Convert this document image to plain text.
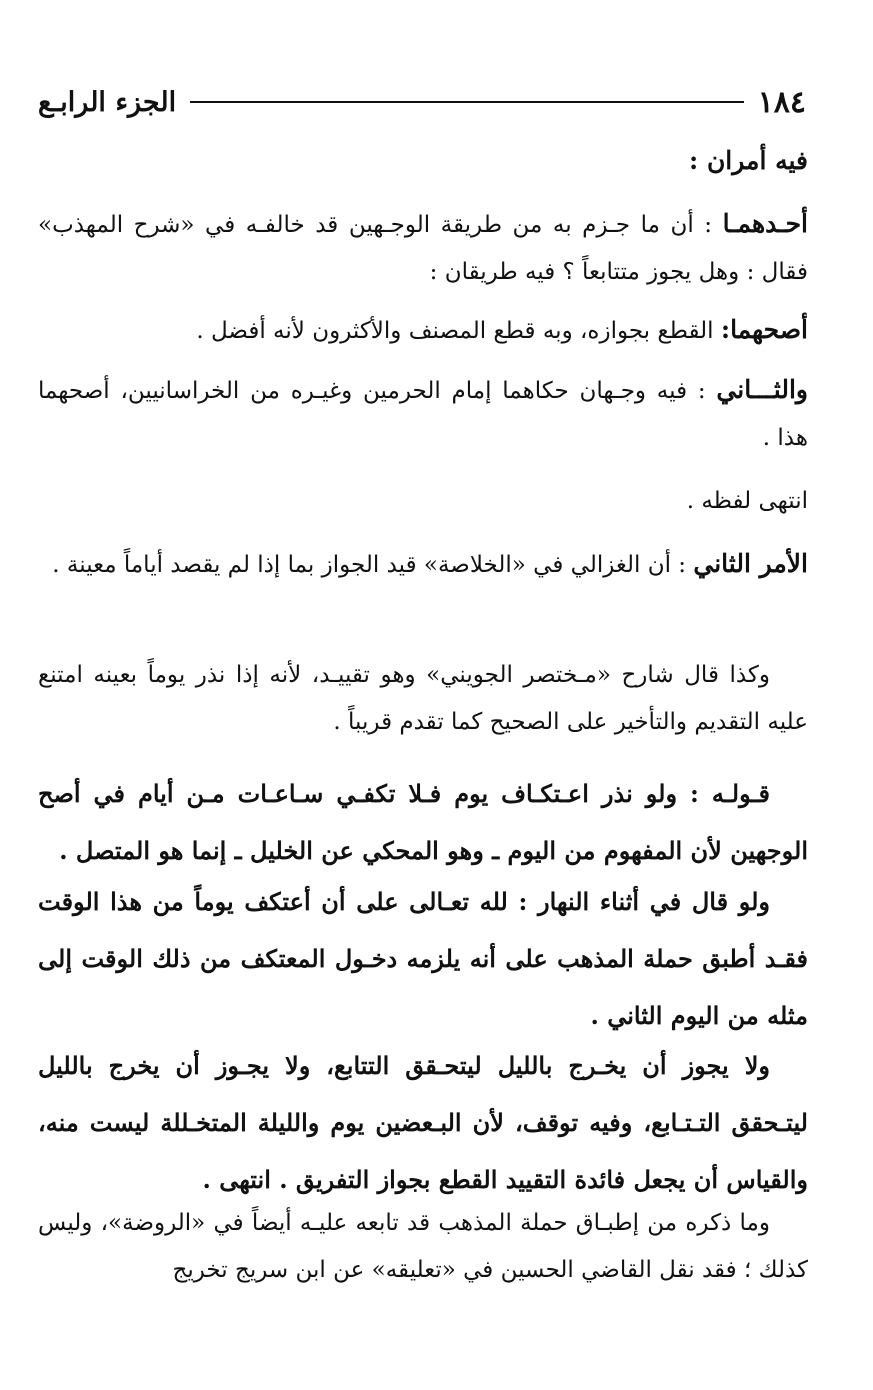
١٨٤
الجزء الرابـع

فيه أمران :

أحـدهمـا : أن ما جـزم به من طريقة الوجـهين قد خالفـه في «شرح المهذب» فقال : وهل يجوز متتابعاً ؟ فيه طريقان :

أصحهما: القطع بجوازه، وبه قطع المصنف والأكثرون لأنه أفضل .

والثـــاني : فيه وجـهان حكاهما إمام الحرمين وغيـره من الخراسانيين، أصحهما هذا .

انتهى لفظه .

الأمر الثاني : أن الغزالي في «الخلاصة» قيد الجواز بما إذا لم يقصد أياماً معينة .

وكذا قال شارح «مـختصر الجويني» وهو تقييـد، لأنه إذا نذر يوماً بعينه امتنع عليه التقديم والتأخير على الصحيح كما تقدم قريباً .

قـولـه : ولو نذر اعـتكـاف يوم فـلا تكفـي سـاعـات مـن أيام في أصح الوجهين لأن المفهوم من اليوم ـ وهو المحكي عن الخليل ـ إنما هو المتصل .

ولو قال في أثناء النهار : لله تعـالى على أن أعتكف يوماً من هذا الوقت فقـد أطبق حملة المذهب على أنه يلزمه دخـول المعتكف من ذلك الوقت إلى مثله من اليوم الثاني .

ولا يجوز أن يخـرج بالليل ليتحـقق التتابع، ولا يجـوز أن يخرج بالليل ليتـحقق التـتـابع، وفيه توقف، لأن البـعضين يوم والليلة المتخـللة ليست منه، والقياس أن يجعل فائدة التقييد القطع بجواز التفريق . انتهى .

وما ذكره من إطبـاق حملة المذهب قد تابعه عليـه أيضاً في «الروضة»، وليس كذلك ؛ فقد نقل القاضي الحسين في «تعليقه» عن ابن سريج تخريج
